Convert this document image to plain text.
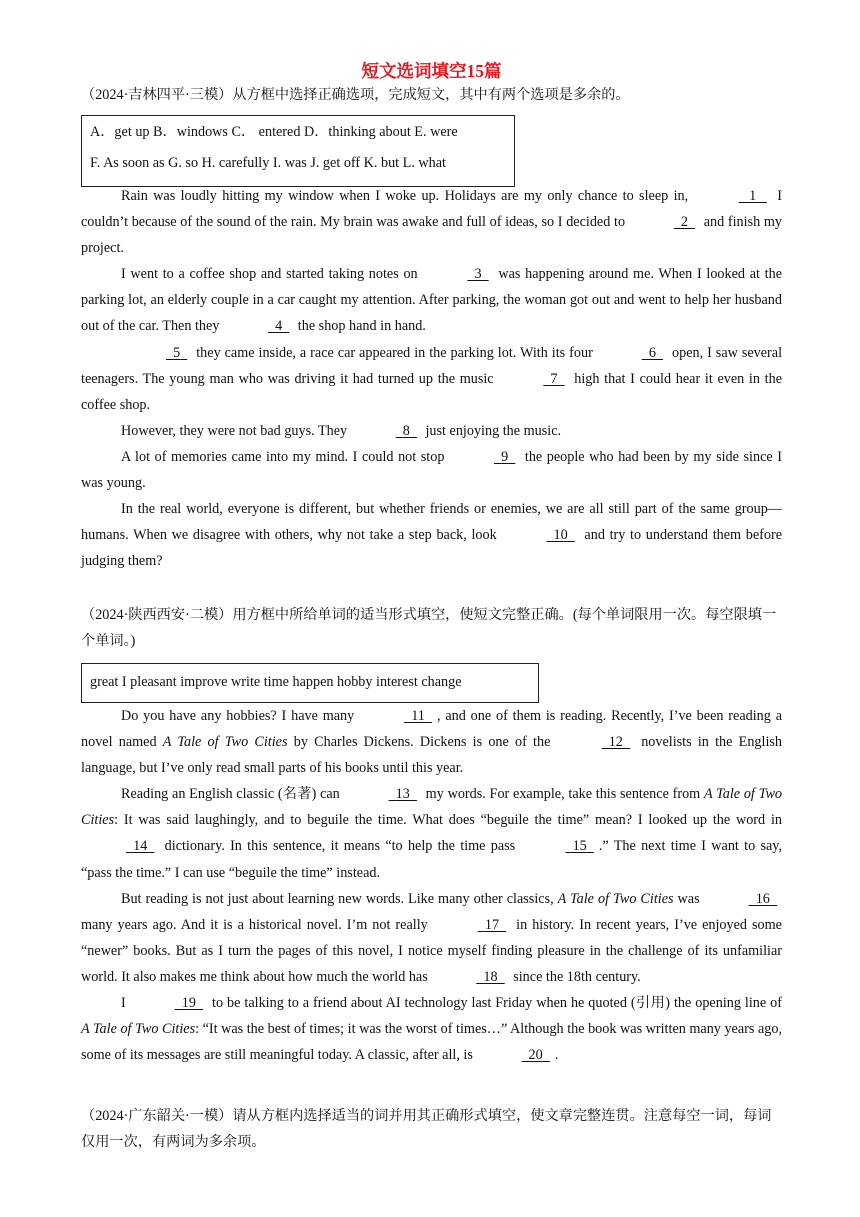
短文选词填空15篇
（2024·吉林四平·三模）从方框中选择正确选项，完成短文，其中有两个选项是多余的。
A．get up B．windows C． entered D．thinking about E. were
F. As soon as G. so H. carefully I. was J. get off K. but L. what

Rain was loudly hitting my window when I woke up. Holidays are my only chance to sleep in,	1    I couldn’t because of the sound of the rain. My brain was awake and full of ideas, so I decided to	2   and finish my project.

I went to a coffee shop and started taking notes on	3   was happening around me. When I looked at the parking lot, an elderly couple in a car caught my attention. After parking, the woman got out and went to help her husband out of the car. Then they	4   the shop hand in hand.

5   they came inside, a race car appeared in the parking lot. With its four	6   open, I saw several teenagers. The young man who was driving it had turned up the music	7   high that I could hear it even in the coffee shop.

However, they were not bad guys. They	8   just enjoying the music.

A lot of memories came into my mind. I could not stop	9   the people who had been by my side since I was young.

In the real world, everyone is different, but whether friends or enemies, we are all still part of the same group—humans. When we disagree with others, why not take a step back, look	10   and try to understand them before judging them?

（2024·陕西西安·二模）用方框中所给单词的适当形式填空，使短文完整正确。(每个单词限用一次。每空限填一个单词。)
great I pleasant improve write time happen hobby interest change

Do you have any hobbies? I have many	11 , and one of them is reading. Recently, I’ve been reading a novel named A Tale of Two Cities by Charles Dickens. Dickens is one of the	12   novelists in the English language, but I’ve only read small parts of his books until this year.

Reading an English classic (名著) can	13   my words. For example, take this sentence from A Tale of Two Cities: It was said laughingly, and to beguile the time. What does “beguile the time” mean? I looked up the word in   14   dictionary. In this sentence, it means “to help the time pass	15 .” The next time I want to say, “pass the time.” I can use “beguile the time” instead.

But reading is not just about learning new words. Like many other classics, A Tale of Two Cities was	16   many years ago. And it is a historical novel. I’m not really	17   in history. In recent years, I’ve enjoyed some “newer” books. But as I turn the pages of this novel, I notice myself finding pleasure in the challenge of its unfamiliar world. It also makes me think about how much the world has	18   since the 18th century.

I	19   to be talking to a friend about AI technology last Friday when he quoted (引用) the opening line of A Tale of Two Cities: “It was the best of times; it was the worst of times…” Although the book was written many years ago, some of its messages are still meaningful today. A classic, after all, is	20 .

（2024·广东韶关·一模）请从方框内选择适当的词并用其正确形式填空，使文章完整连贯。注意每空一词，每词仅用一次，有两词为多余项。
